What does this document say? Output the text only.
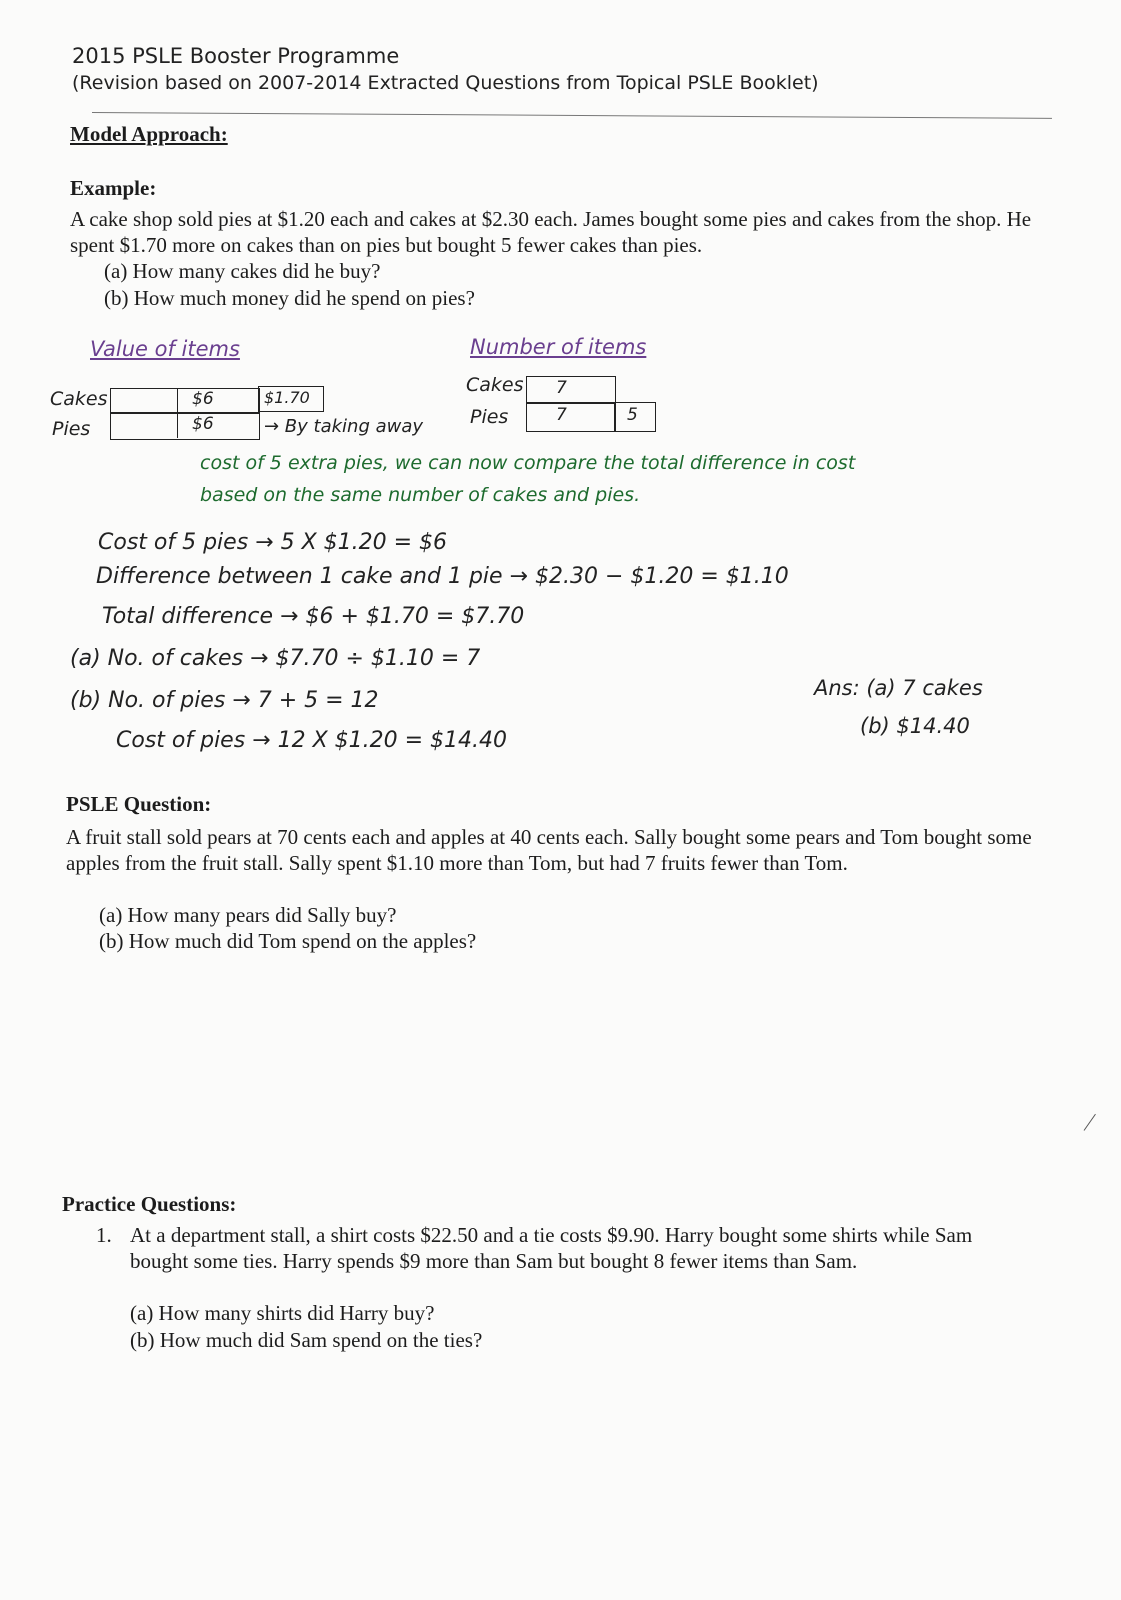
2015 PSLE Booster Programme
(Revision based on 2007-2014 Extracted Questions from Topical PSLE Booklet)
Model Approach:
Example:
A cake shop sold pies at $1.20 each and cakes at $2.30 each. James bought some pies and cakes from the shop. He spent $1.70 more on cakes than on pies but bought 5 fewer cakes than pies.
(a) How many cakes did he buy?
(b) How much money did he spend on pies?
Value of items
Cakes
Pies
$6
$6
$1.70
→ By taking away
cost of 5 extra pies, we can now compare the total difference in cost
based on the same number of cakes and pies.
Number of items
Cakes
Pies
7
7	5
Cost of 5 pies → 5 X $1.20 = $6
Difference between 1 cake and 1 pie → $2.30 − $1.20 = $1.10
Total difference → $6 + $1.70 = $7.70
(a) No. of cakes → $7.70 ÷ $1.10 = 7
(b) No. of pies → 7 + 5 = 12
Cost of pies → 12 X $1.20 = $14.40
Ans: (a) 7 cakes
(b) $14.40
PSLE Question:
A fruit stall sold pears at 70 cents each and apples at 40 cents each. Sally bought some pears and Tom bought some apples from the fruit stall. Sally spent $1.10 more than Tom, but had 7 fruits fewer than Tom.
(a) How many pears did Sally buy?
(b) How much did Tom spend on the apples?
Practice Questions:
1. At a department stall, a shirt costs $22.50 and a tie costs $9.90. Harry bought some shirts while Sam bought some ties. Harry spends $9 more than Sam but bought 8 fewer items than Sam.
(a) How many shirts did Harry buy?
(b) How much did Sam spend on the ties?
